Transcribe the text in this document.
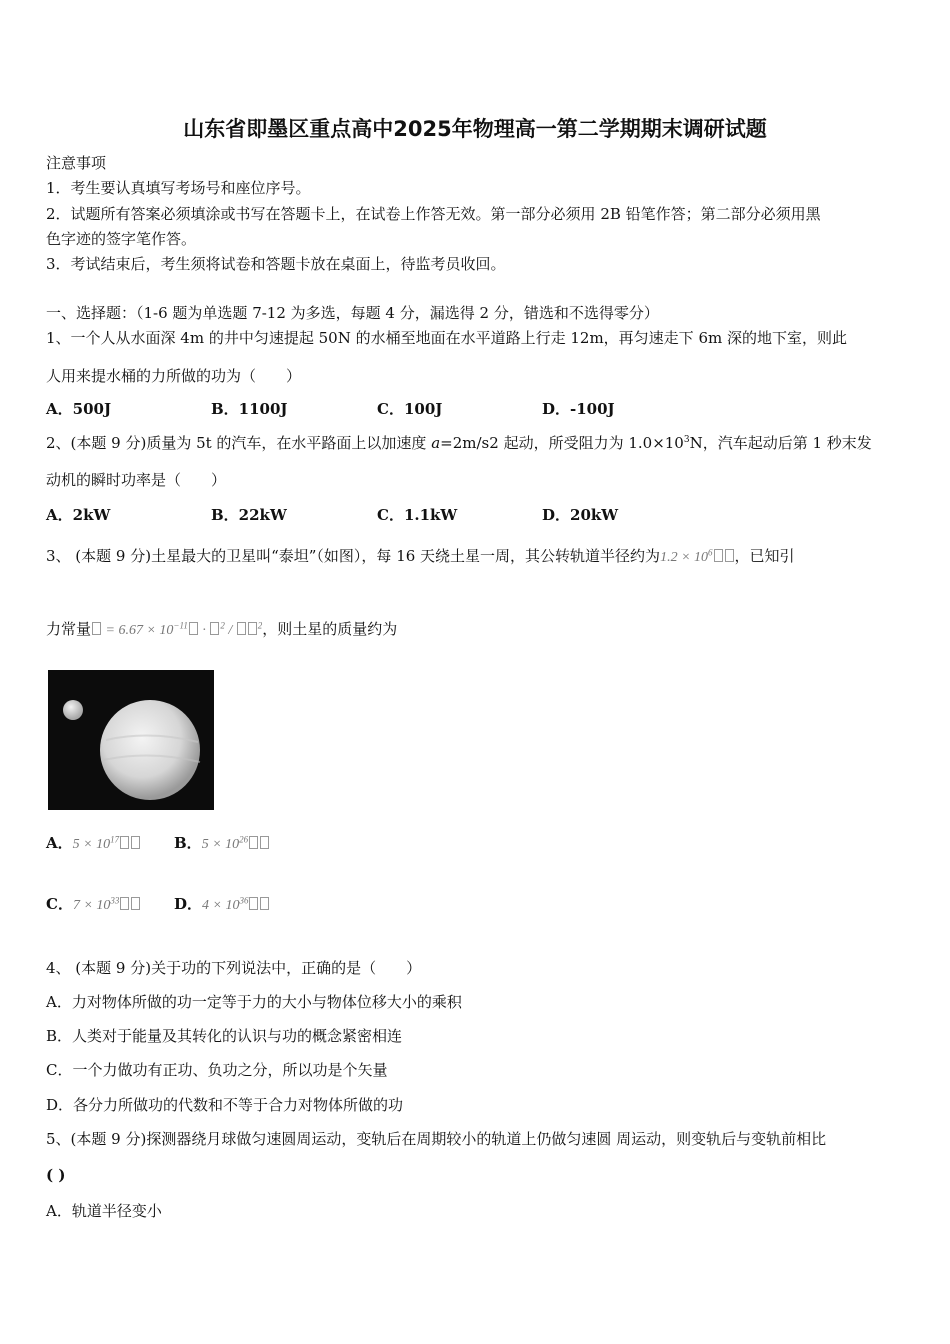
山东省即墨区重点高中2025年物理高一第二学期期末调研试题
注意事项
1．考生要认真填写考场号和座位序号。
2．试题所有答案必须填涂或书写在答题卡上，在试卷上作答无效。第一部分必须用 2B 铅笔作答；第二部分必须用黑
色字迹的签字笔作答。
3．考试结束后，考生须将试卷和答题卡放在桌面上，待监考员收回。
一、选择题：（1-6 题为单选题 7-12 为多选，每题 4 分，漏选得 2 分，错选和不选得零分）
1、一个人从水面深 4m 的井中匀速提起 50N 的水桶至地面在水平道路上行走 12m，再匀速走下 6m 深的地下室，则此
人用来提水桶的力所做的功为（　　）
A．500J	B．1100J	C．100J	D．-100J
2、(本题 9 分)质量为 5t 的汽车，在水平路面上以加速度 a=2m/s2 起动，所受阻力为 $1.0\times 10^3N$，汽车起动后第 1 秒末发
动机的瞬时功率是（　　）
A．2kW	B．22kW	C．1.1kW	D．20kW
3、 (本题 9 分)土星最大的卫星叫“泰坦”（如图），每 16 天绕土星一周，其公转轨道半径约为$1.2 \times 10^6$ ，已知引
力常量 = $6.67 \times 10^{-11} \cdot ^2 / ^2$，则土星的质量约为
A．$5 \times 10^{17}$	B．$5 \times 10^{26}$
C．$7 \times 10^{33}$	D．$4 \times 10^{36}$
4、 (本题 9 分)关于功的下列说法中，正确的是（　　）
A．力对物体所做的功一定等于力的大小与物体位移大小的乘积
B．人类对于能量及其转化的认识与功的概念紧密相连
C．一个力做功有正功、负功之分，所以功是个矢量
D．各分力所做功的代数和不等于合力对物体所做的功
5、(本题 9 分)探测器绕月球做匀速圆周运动，变轨后在周期较小的轨道上仍做匀速圆 周运动，则变轨后与变轨前相比
( )
A．轨道半径变小
